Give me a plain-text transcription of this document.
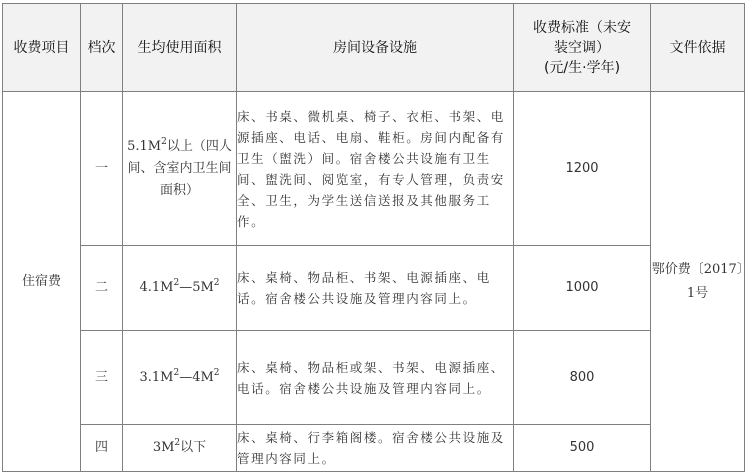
收费项目	档次	生均使用面积	房间设备设施	收费标准（未安
装空调）
(元/生·学年)	文件依据
住宿费	一	$5.1M^2$以上（四人间、含室内卫生间面积）	床、书桌、微机桌、椅子、衣柜、书架、电源插座、电话、电扇、鞋柜。房间内配备有卫生（盥洗）间。宿舍楼公共设施有卫生间、盥洗间、阅览室，有专人管理，负责安全、卫生，为学生送信送报及其他服务工作。	1200	鄂价费〔2017〕1号
	二	$4.1M^2—5M^2$	床、桌椅、物品柜、书架、电源插座、电话。宿舍楼公共设施及管理内容同上。	1000	
	三	$3.1M^2—4M^2$	床、桌椅、物品柜或架、书架、电源插座、电话。宿舍楼公共设施及管理内容同上。	800	
	四	$3M^2$以下	床、桌椅、行李箱阁楼。宿舍楼公共设施及管理内容同上。	500	
